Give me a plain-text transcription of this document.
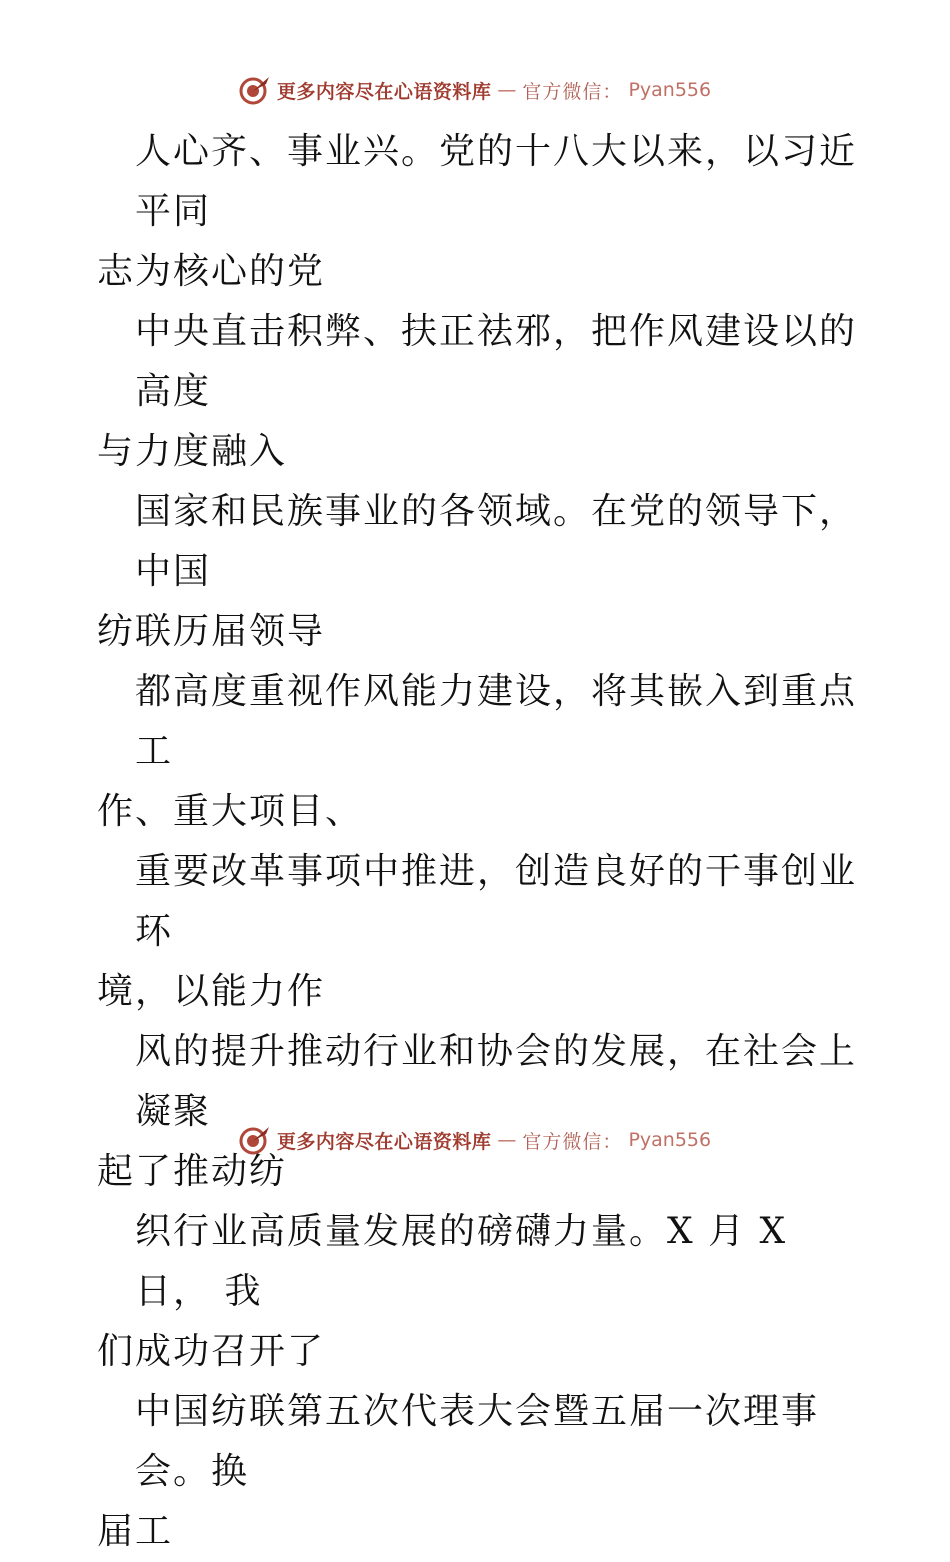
更多内容尽在心语资料库 — 官方微信： Pyan556

人心齐、事业兴。党的十八大以来，以习近平同
志为核心的党

中央直击积弊、扶正祛邪，把作风建设以的高度
与力度融入

国家和民族事业的各领域。在党的领导下，中国
纺联历届领导

都高度重视作风能力建设，将其嵌入到重点工
作、重大项目、

重要改革事项中推进，创造良好的干事创业环
境，以能力作

风的提升推动行业和协会的发展，在社会上凝聚
起了推动纺

织行业高质量发展的磅礴力量。X 月 X 日， 我
们成功召开了

中国纺联第五次代表大会暨五届一次理事会。换
届工

更多内容尽在心语资料库 — 官方微信： Pyan556
